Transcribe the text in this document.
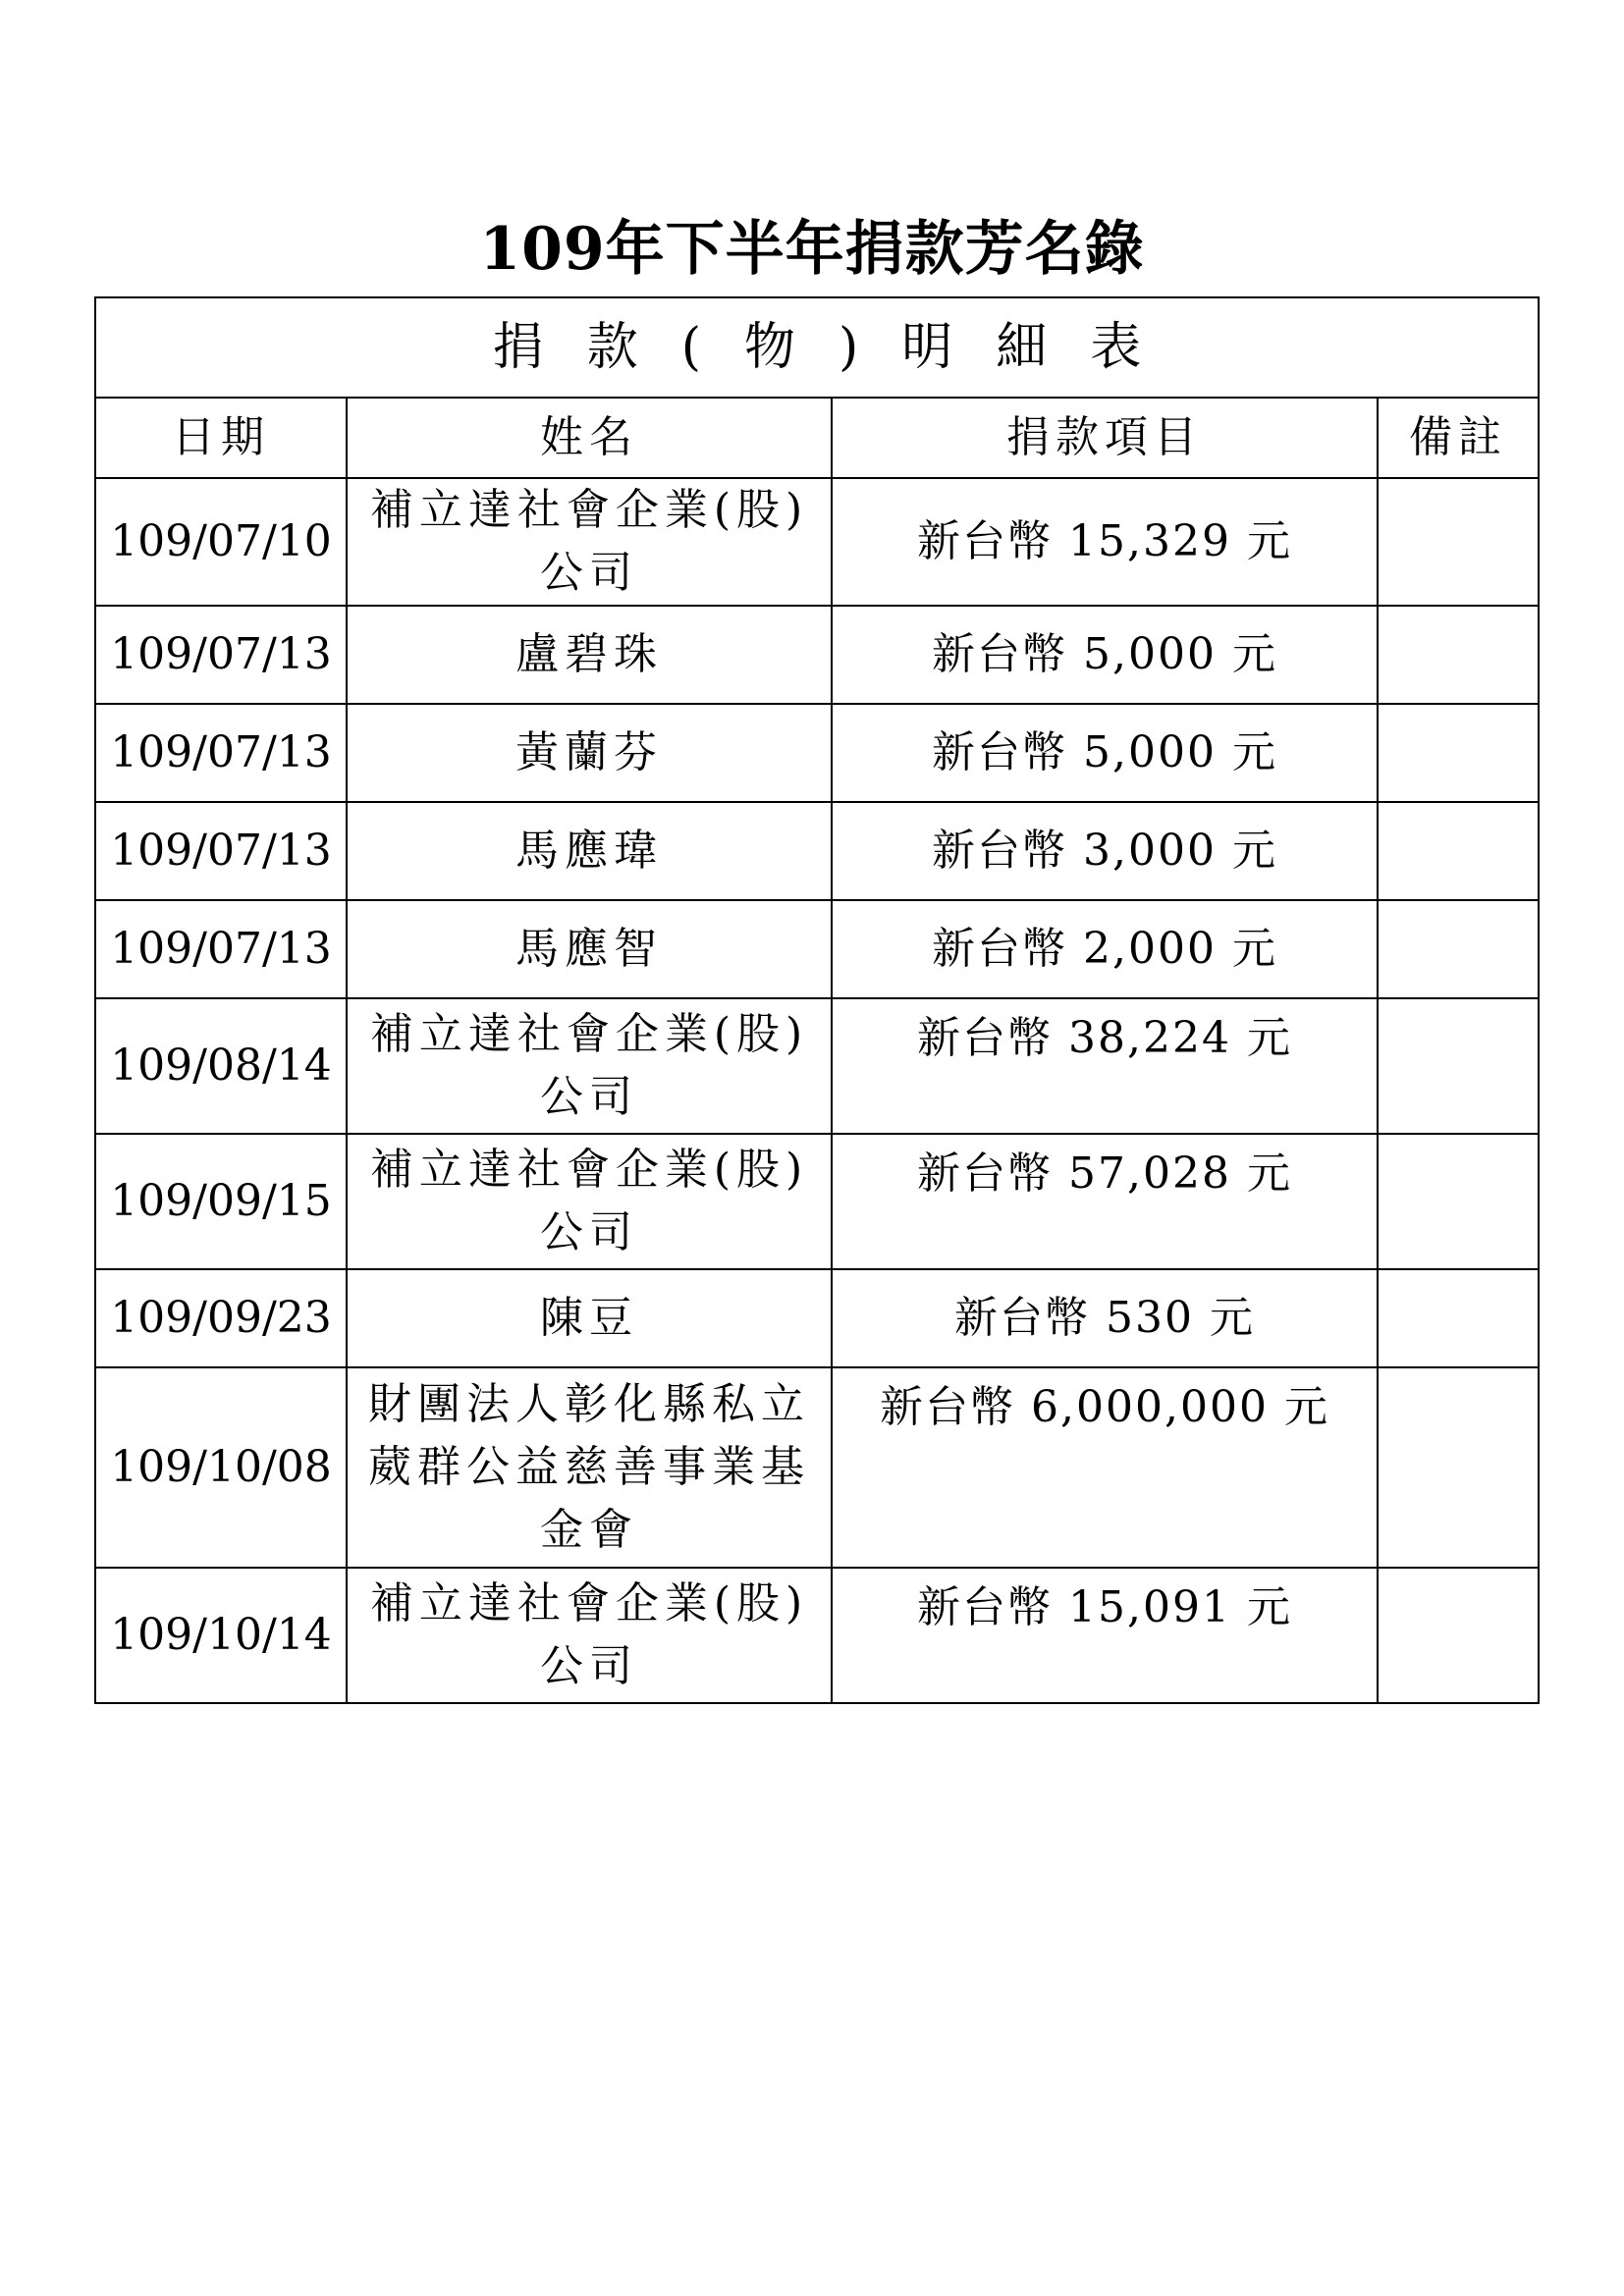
109年下半年捐款芳名錄
捐款(物)明細表			
日期	姓名	捐款項目	備註
109/07/10	補立達社會企業(股)公司	新台幣 15,329 元	
109/07/13	盧碧珠	新台幣 5,000 元	
109/07/13	黃蘭芬	新台幣 5,000 元	
109/07/13	馬應瑋	新台幣 3,000 元	
109/07/13	馬應智	新台幣 2,000 元	
109/08/14	補立達社會企業(股)公司	新台幣 38,224 元	
109/09/15	補立達社會企業(股)公司	新台幣 57,028 元	
109/09/23	陳豆	新台幣 530 元	
109/10/08	財團法人彰化縣私立葳群公益慈善事業基金會	新台幣 6,000,000 元	
109/10/14	補立達社會企業(股)公司	新台幣 15,091 元	
